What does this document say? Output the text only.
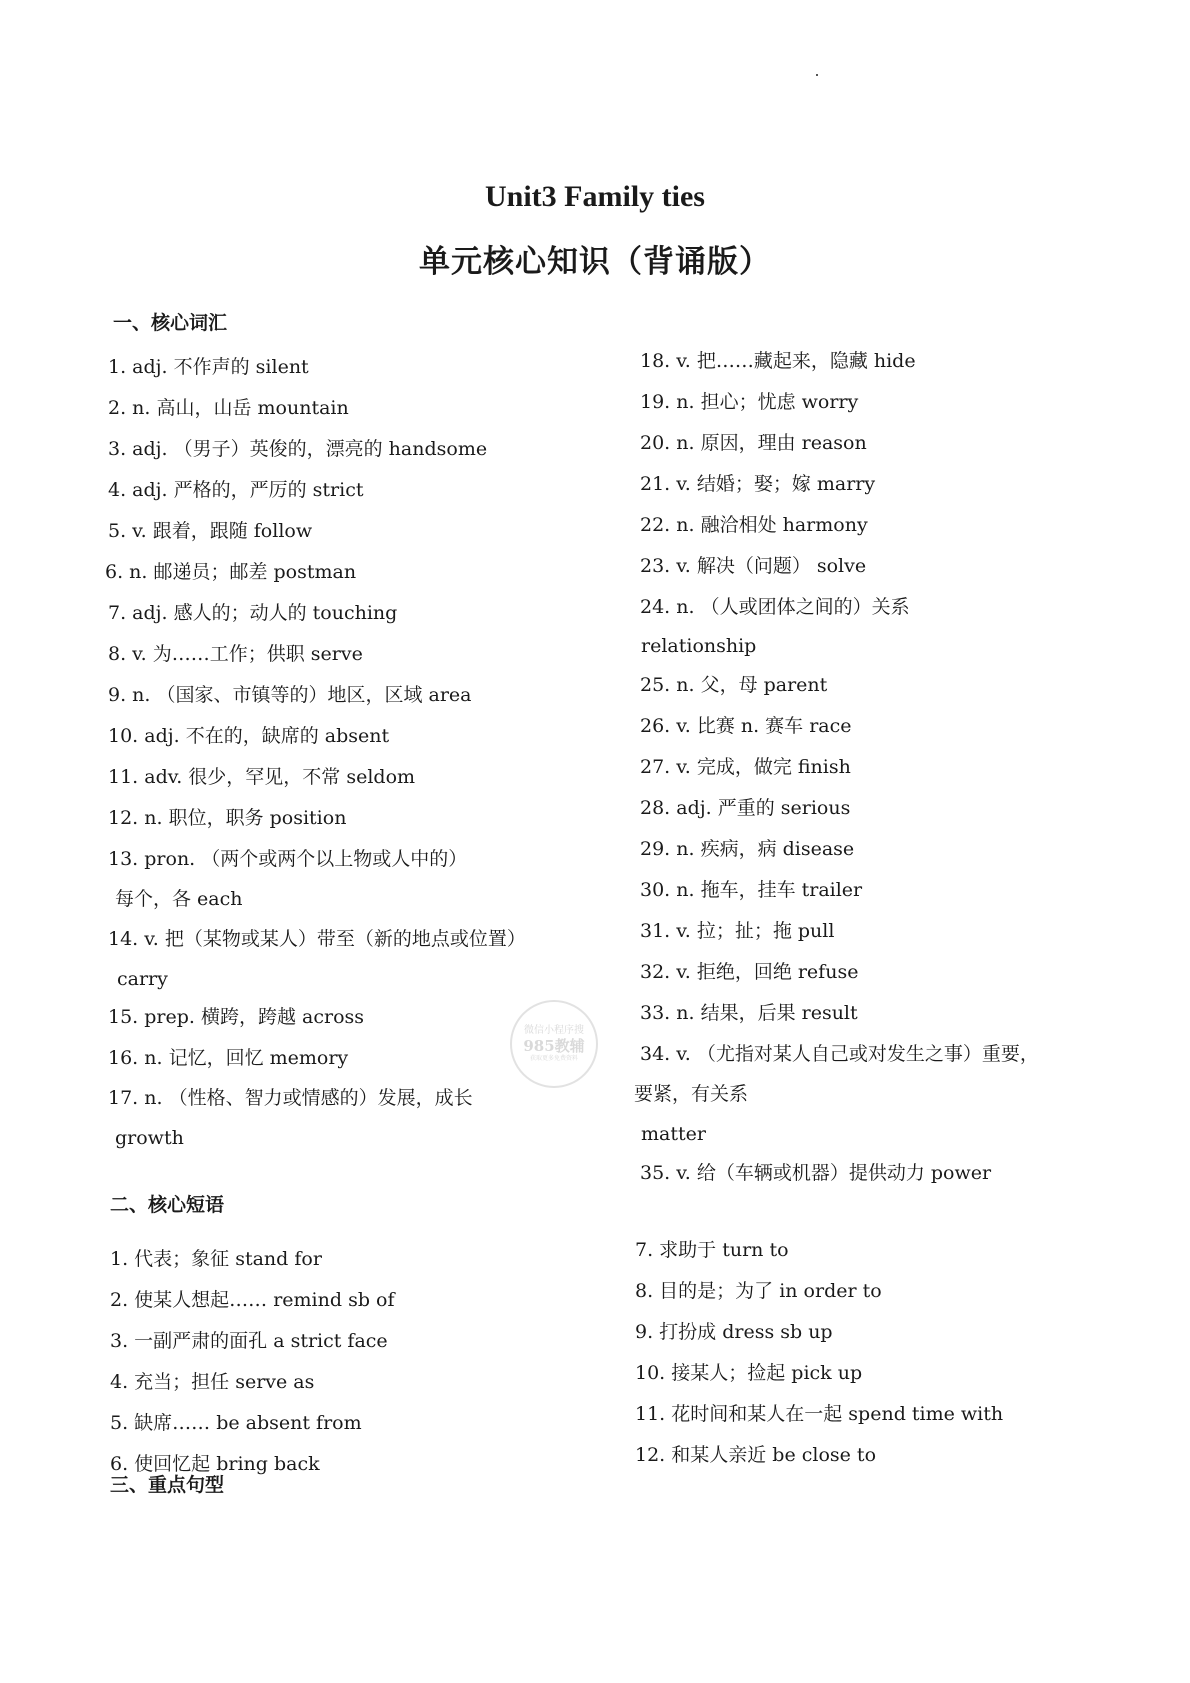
Unit3 Family ties
单元核心知识（背诵版）
一、核心词汇
1. adj. 不作声的 silent
2. n. 高山，山岳 mountain
3. adj. （男子）英俊的，漂亮的 handsome
4. adj. 严格的，严厉的 strict
5. v. 跟着，跟随 follow
6. n. 邮递员；邮差 postman
7. adj. 感人的；动人的 touching
8. v. 为……工作；供职 serve
9. n. （国家、市镇等的）地区，区域 area
10. adj. 不在的，缺席的 absent
11. adv. 很少，罕见，不常 seldom
12. n. 职位，职务 position
13. pron. （两个或两个以上物或人中的）
每个，各 each
14. v. 把（某物或某人）带至（新的地点或位置）
carry
15. prep. 横跨，跨越 across
16. n. 记忆，回忆 memory
17. n. （性格、智力或情感的）发展，成长
growth
18. v. 把……藏起来，隐藏 hide
19. n. 担心；忧虑 worry
20. n. 原因，理由 reason
21. v. 结婚；娶；嫁 marry
22. n. 融洽相处 harmony
23. v. 解决（问题） solve
24. n. （人或团体之间的）关系
relationship
25. n. 父，母 parent
26. v. 比赛 n. 赛车 race
27. v. 完成，做完 finish
28. adj. 严重的 serious
29. n. 疾病，病 disease
30. n. 拖车，挂车 trailer
31. v. 拉；扯；拖 pull
32. v. 拒绝，回绝 refuse
33. n. 结果，后果 result
34. v. （尤指对某人自己或对发生之事）重要，
要紧，有关系
matter
35. v. 给（车辆或机器）提供动力 power
微信小程序搜
985教辅
获取更多免费资料
二、核心短语
1. 代表；象征 stand for
2. 使某人想起…… remind sb of
3. 一副严肃的面孔 a strict face
4. 充当；担任 serve as
5. 缺席…… be absent from
6. 使回忆起 bring back
7. 求助于 turn to
8. 目的是；为了 in order to
9. 打扮成 dress sb up
10. 接某人；捡起 pick up
11. 花时间和某人在一起 spend time with
12. 和某人亲近 be close to
三、重点句型
